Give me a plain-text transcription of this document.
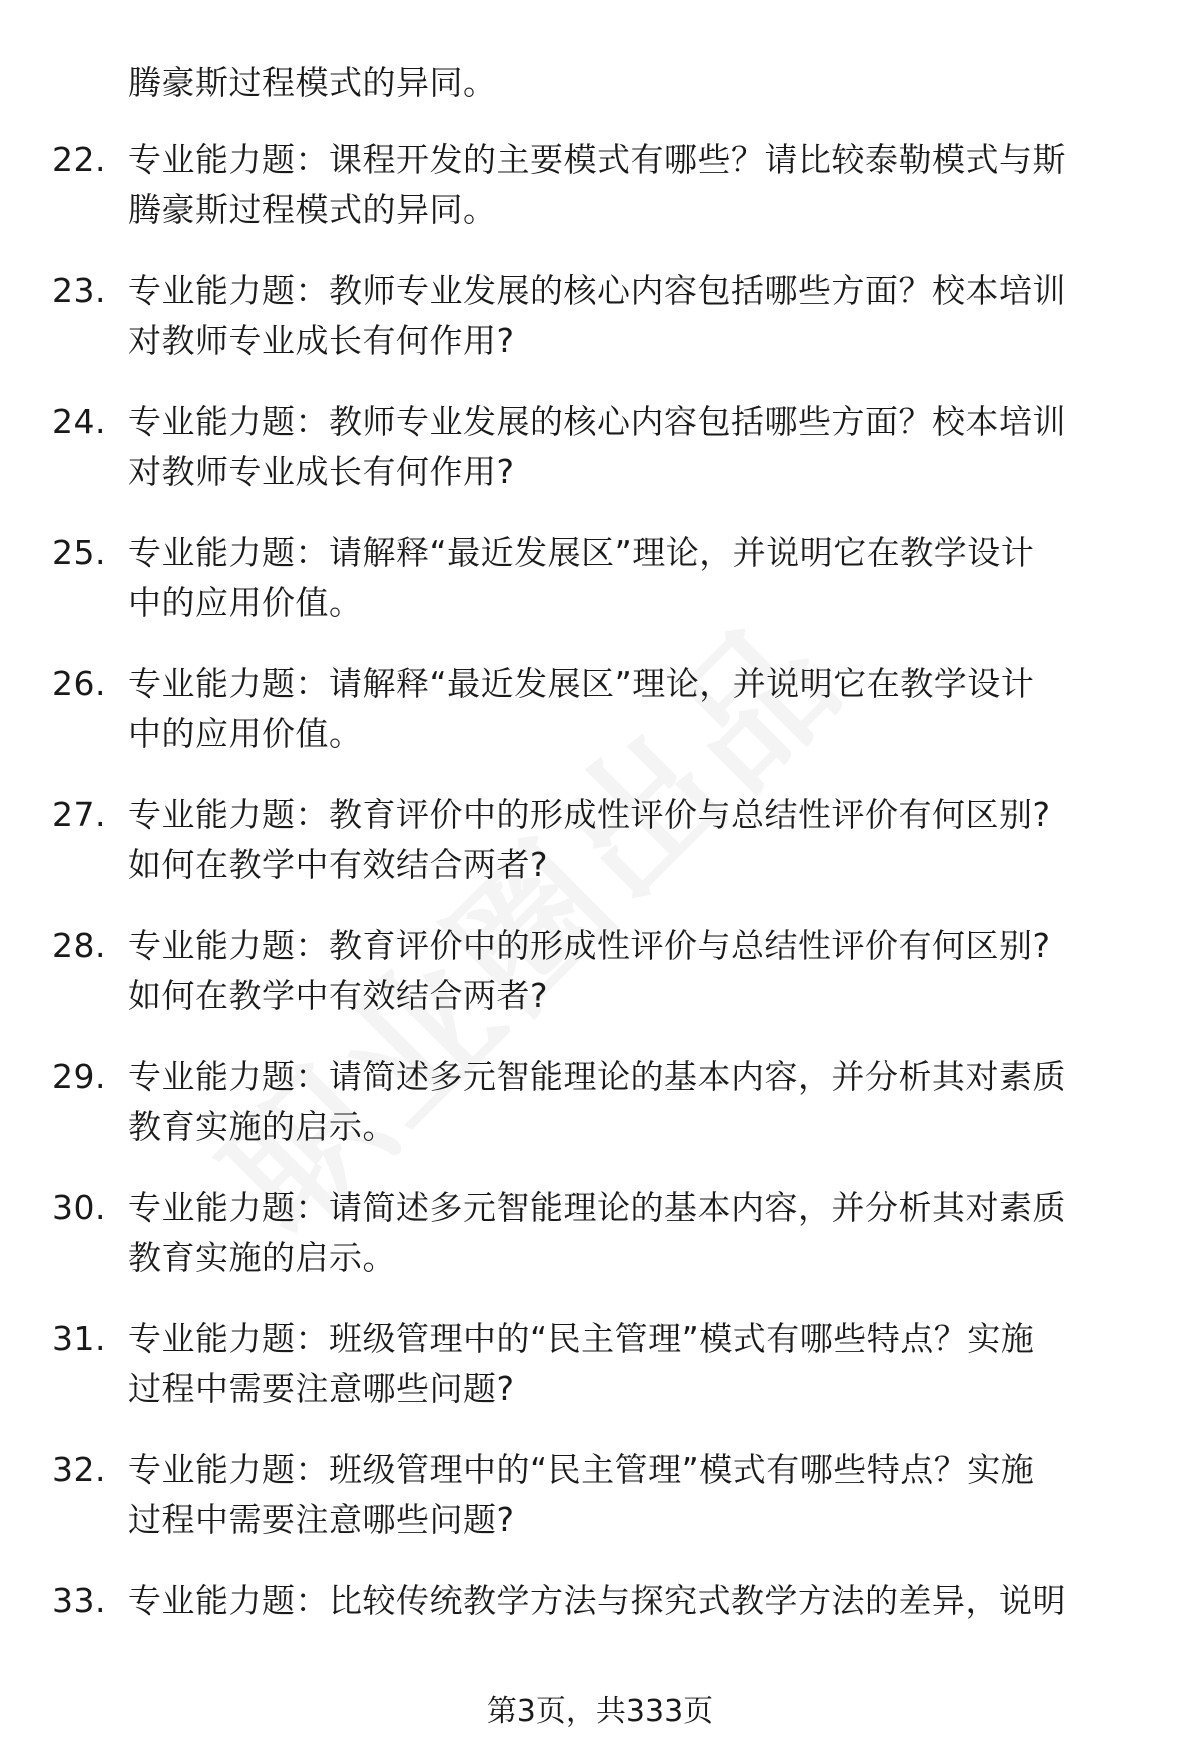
腾豪斯过程模式的异同。
22. 专业能力题：课程开发的主要模式有哪些？请比较泰勒模式与斯
腾豪斯过程模式的异同。

23. 专业能力题：教师专业发展的核心内容包括哪些方面？校本培训
对教师专业成长有何作用?

24. 专业能力题：教师专业发展的核心内容包括哪些方面？校本培训
对教师专业成长有何作用?

25. 专业能力题：请解释“最近发展区”理论，并说明它在教学设计
中的应用价值。

26. 专业能力题：请解释“最近发展区”理论，并说明它在教学设计
中的应用价值。

27. 专业能力题：教育评价中的形成性评价与总结性评价有何区别?
如何在教学中有效结合两者?

28. 专业能力题：教育评价中的形成性评价与总结性评价有何区别?
如何在教学中有效结合两者?

29. 专业能力题：请简述多元智能理论的基本内容，并分析其对素质
教育实施的启示。

30. 专业能力题：请简述多元智能理论的基本内容，并分析其对素质
教育实施的启示。

31. 专业能力题：班级管理中的“民主管理”模式有哪些特点？实施
过程中需要注意哪些问题?

32. 专业能力题：班级管理中的“民主管理”模式有哪些特点？实施
过程中需要注意哪些问题?

33. 专业能力题：比较传统教学方法与探究式教学方法的差异，说明

第3页，共333页
